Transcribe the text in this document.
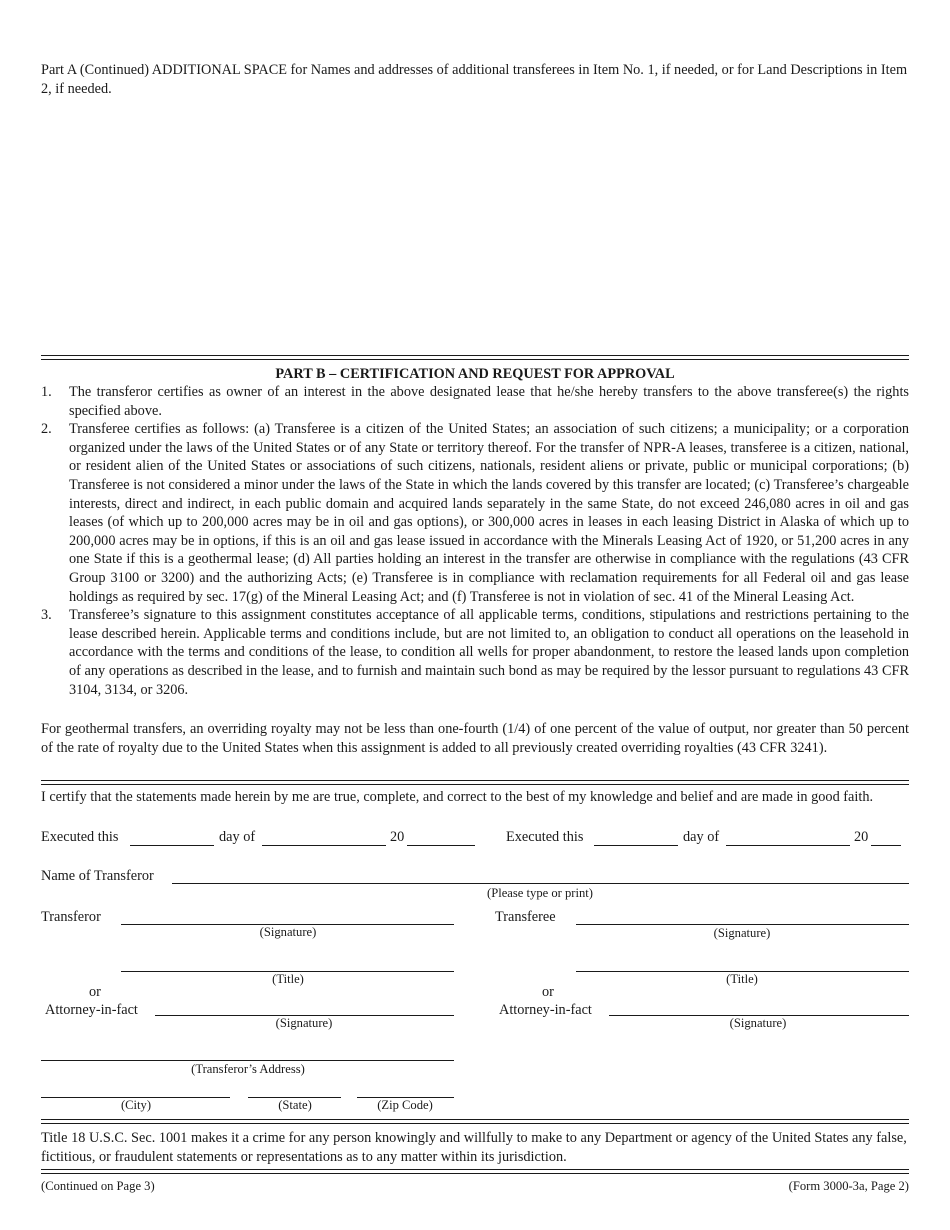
Part A (Continued) ADDITIONAL SPACE for Names and addresses of additional transferees in Item No. 1, if needed, or for Land Descriptions in Item 2, if needed.
PART B – CERTIFICATION AND REQUEST FOR APPROVAL
1. The transferor certifies as owner of an interest in the above designated lease that he/she hereby transfers to the above transferee(s) the rights specified above.
2. Transferee certifies as follows: (a) Transferee is a citizen of the United States; an association of such citizens; a municipality; or a corporation organized under the laws of the United States or of any State or territory thereof. For the transfer of NPR-A leases, transferee is a citizen, national, or resident alien of the United States or associations of such citizens, nationals, resident aliens or private, public or municipal corporations; (b) Transferee is not considered a minor under the laws of the State in which the lands covered by this transfer are located; (c) Transferee’s chargeable interests, direct and indirect, in each public domain and acquired lands separately in the same State, do not exceed 246,080 acres in oil and gas leases (of which up to 200,000 acres may be in oil and gas options), or 300,000 acres in leases in each leasing District in Alaska of which up to 200,000 acres may be in options, if this is an oil and gas lease issued in accordance with the Minerals Leasing Act of 1920, or 51,200 acres in any one State if this is a geothermal lease; (d) All parties holding an interest in the transfer are otherwise in compliance with the regulations (43 CFR Group 3100 or 3200) and the authorizing Acts; (e) Transferee is in compliance with reclamation requirements for all Federal oil and gas lease holdings as required by sec. 17(g) of the Mineral Leasing Act; and (f) Transferee is not in violation of sec. 41 of the Mineral Leasing Act.
3. Transferee’s signature to this assignment constitutes acceptance of all applicable terms, conditions, stipulations and restrictions pertaining to the lease described herein. Applicable terms and conditions include, but are not limited to, an obligation to conduct all operations on the leasehold in accordance with the terms and conditions of the lease, to condition all wells for proper abandonment, to restore the leased lands upon completion of any operations as described in the lease, and to furnish and maintain such bond as may be required by the lessor pursuant to regulations 43 CFR 3104, 3134, or 3206.
For geothermal transfers, an overriding royalty may not be less than one-fourth (1/4) of one percent of the value of output, nor greater than 50 percent of the rate of royalty due to the United States when this assignment is added to all previously created overriding royalties (43 CFR 3241).
I certify that the statements made herein by me are true, complete, and correct to the best of my knowledge and belief and are made in good faith.
Executed this	day of	20	Executed this	day of	20
Name of Transferor
(Please type or print)
Transferor
(Signature)
Transferee
(Signature)
(Title)	(Title)
or	or
Attorney-in-fact
(Signature)
Attorney-in-fact
(Signature)
(Transferor’s Address)
(City)	(State)	(Zip Code)
Title 18 U.S.C. Sec. 1001 makes it a crime for any person knowingly and willfully to make to any Department or agency of the United States any false, fictitious, or fraudulent statements or representations as to any matter within its jurisdiction.
(Continued on Page 3)	(Form 3000-3a, Page 2)
